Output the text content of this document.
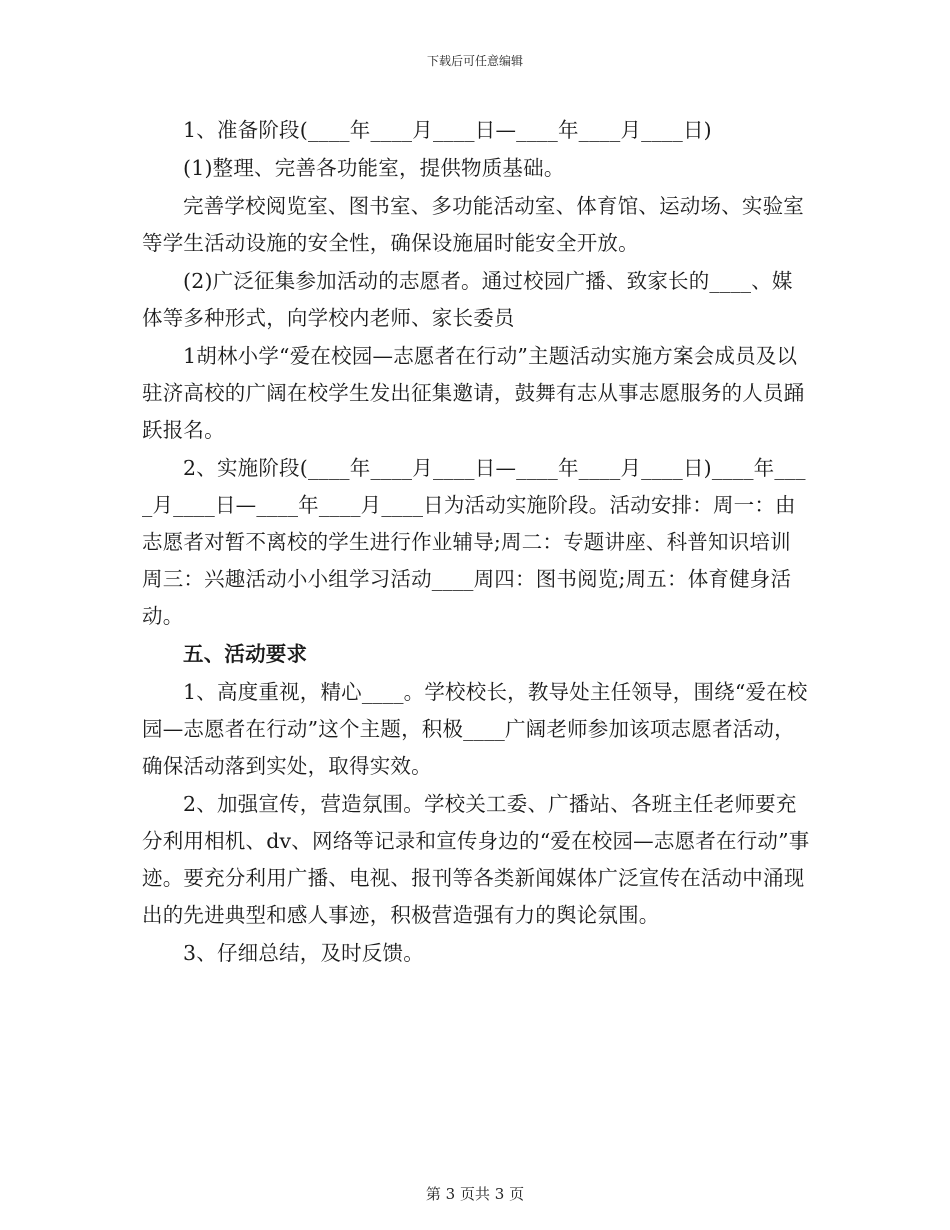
下载后可任意编辑

1、准备阶段(____年____月____日—____年____月____日)

(1)整理、完善各功能室，提供物质基础。

完善学校阅览室、图书室、多功能活动室、体育馆、运动场、实验室等学生活动设施的安全性，确保设施届时能安全开放。

(2)广泛征集参加活动的志愿者。通过校园广播、致家长的____、媒体等多种形式，向学校内老师、家长委员

1胡林小学“爱在校园—志愿者在行动”主题活动实施方案会成员及以驻济高校的广阔在校学生发出征集邀请，鼓舞有志从事志愿服务的人员踊跃报名。

2、实施阶段(____年____月____日—____年____月____日)____年____月____日—____年____月____日为活动实施阶段。活动安排：周一：由志愿者对暂不离校的学生进行作业辅导;周二：专题讲座、科普知识培训周三：兴趣活动小小组学习活动____周四：图书阅览;周五：体育健身活动。

五、活动要求

1、高度重视，精心____。学校校长，教导处主任领导，围绕“爱在校园—志愿者在行动”这个主题，积极____广阔老师参加该项志愿者活动，确保活动落到实处，取得实效。

2、加强宣传，营造氛围。学校关工委、广播站、各班主任老师要充分利用相机、dv、网络等记录和宣传身边的“爱在校园—志愿者在行动”事迹。要充分利用广播、电视、报刊等各类新闻媒体广泛宣传在活动中涌现出的先进典型和感人事迹，积极营造强有力的舆论氛围。

3、仔细总结，及时反馈。

第 3 页共 3 页
